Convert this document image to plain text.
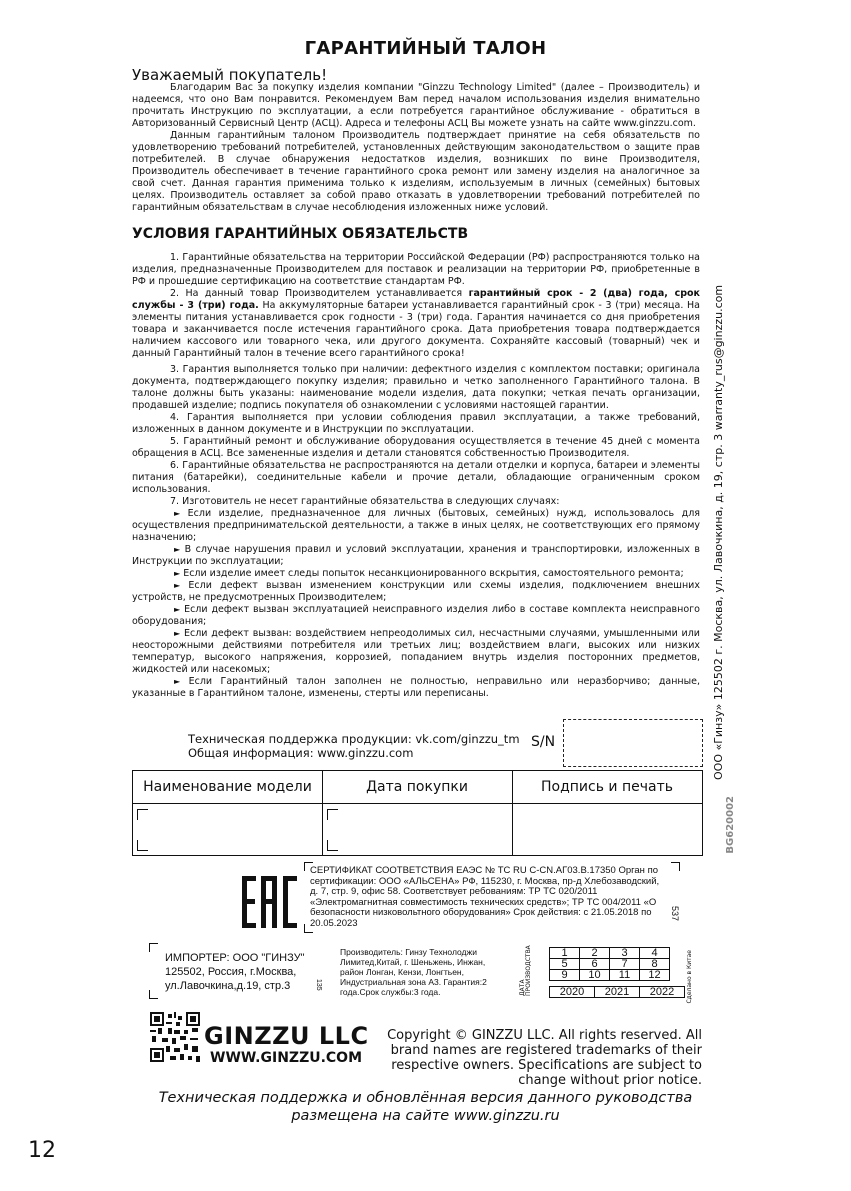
ГАРАНТИЙНЫЙ ТАЛОН
Уважаемый покупатель!

Благодарим Вас за покупку изделия компании "Ginzzu Technology Limited" (далее – Производитель) и надеемся, что оно Вам понравится. Рекомендуем Вам перед началом использования изделия внимательно прочитать Инструкцию по эксплуатации, а если потребуется гарантийное обслуживание - обратиться в Авторизованный Сервисный Центр (АСЦ). Адреса и телефоны АСЦ Вы можете узнать на сайте www.ginzzu.com.

Данным гарантийным талоном Производитель подтверждает принятие на себя обязательств по удовлетворению требований потребителей, установленных действующим законодательством о защите прав потребителей. В случае обнаружения недостатков изделия, возникших по вине Производителя, Производитель обеспечивает в течение гарантийного срока ремонт или замену изделия на аналогичное за свой счет. Данная гарантия применима только к изделиям, используемым в личных (семейных) бытовых целях. Производитель оставляет за собой право отказать в удовлетворении требований потребителей по гарантийным обязательствам в случае несоблюдения изложенных ниже условий.

УСЛОВИЯ ГАРАНТИЙНЫХ ОБЯЗАТЕЛЬСТВ

1. Гарантийные обязательства на территории Российской Федерации (РФ) распространяются только на изделия, предназначенные Производителем для поставок и реализации на территории РФ, приобретенные в РФ и прошедшие сертификацию на соответствие стандартам РФ.

2. На данный товар Производителем устанавливается гарантийный срок - 2 (два) года, срок службы - 3 (три) года. На аккумуляторные батареи устанавливается гарантийный срок - 3 (три) месяца. На элементы питания устанавливается срок годности - 3 (три) года. Гарантия начинается со дня приобретения товара и заканчивается после истечения гарантийного срока. Дата приобретения товара подтверждается наличием кассового или товарного чека, или другого документа. Сохраняйте кассовый (товарный) чек и данный Гарантийный талон в течение всего гарантийного срока!

3. Гарантия выполняется только при наличии: дефектного изделия с комплектом поставки; оригинала документа, подтверждающего покупку изделия; правильно и четко заполненного Гарантийного талона. В талоне должны быть указаны: наименование модели изделия, дата покупки; четкая печать организации, продавшей изделие; подпись покупателя об ознакомлении с условиями настоящей гарантии.

4. Гарантия выполняется при условии соблюдения правил эксплуатации, а также требований, изложенных в данном документе и в Инструкции по эксплуатации.

5. Гарантийный ремонт и обслуживание оборудования осуществляется в течение 45 дней с момента обращения в АСЦ. Все замененные изделия и детали становятся собственностью Производителя.

6. Гарантийные обязательства не распространяются на детали отделки и корпуса, батареи и элементы питания (батарейки), соединительные кабели и прочие детали, обладающие ограниченным сроком использования.

7. Изготовитель не несет гарантийные обязательства в следующих случаях:

► Если изделие, предназначенное для личных (бытовых, семейных) нужд, использовалось для осуществления предпринимательской деятельности, а также в иных целях, не соответствующих его прямому назначению;

► В случае нарушения правил и условий эксплуатации, хранения и транспортировки, изложенных в Инструкции по эксплуатации;

► Если изделие имеет следы попыток несанкционированного вскрытия, самостоятельного ремонта;

► Если дефект вызван изменением конструкции или схемы изделия, подключением внешних устройств, не предусмотренных Производителем;

► Если дефект вызван эксплуатацией неисправного изделия либо в составе комплекта неисправного оборудования;

► Если дефект вызван: воздействием непреодолимых сил, несчастными случаями, умышленными или неосторожными действиями потребителя или третьих лиц; воздействием влаги, высоких или низких температур, высокого напряжения, коррозией, попаданием внутрь изделия посторонних предметов, жидкостей или насекомых;

► Если Гарантийный талон заполнен не полностью, неправильно или неразборчиво; данные, указанные в Гарантийном талоне, изменены, стерты или переписаны.

Техническая поддержка продукции: vk.com/ginzzu_tm
Общая информация: www.ginzzu.com
S/N
Наименование модели	Дата покупки	Подпись и печать
СЕРТИФИКАТ СООТВЕТСТВИЯ ЕАЭС № TC RU C-CN.АГ03.В.17350 Орган по сертификации: ООО «АЛЬСЕНА» РФ, 115230, г. Москва, пр-д Хлебозаводский, д. 7, стр. 9, офис 58. Соответствует ребованиям: ТР ТС 020/2011 «Электромагнитная совместимость технических средств»; ТР ТС 004/2011 «О безопасности низковольтного оборудования» Срок действия: с 21.05.2018 по 20.05.2023
537
ИМПОРТЕР: ООО "ГИНЗУ"
125502, Россия, г.Москва,
ул.Лавочкина,д.19, стр.3	135
Производитель: Гинзу Технолоджи Лимитед,Китай, г. Шеньжень, Инжан, район Лонган, Кензи, Лонгтьен, Индустриальная зона А3. Гарантия:2 года.Срок службы:3 года.	ДАТА ПРОИЗВОДСТВА	1	2	3	4
5	6	7	8
9	10	11	12
2020	2021	2022 Сделано в Китае
GINZZU LLC
WWW.GINZZU.COM
Copyright © GINZZU LLC. All rights reserved. All brand names are registered trademarks of their respective owners. Specifications are subject to change without prior notice.
Техническая поддержка и обновлённая версия данного руководства
размещена на сайте www.ginzzu.ru
12
ООО «Гинзу» 125502 г. Москва, ул. Лавочкина, д. 19, стр. 3 warranty_rus@ginzzu.com
BG620002
